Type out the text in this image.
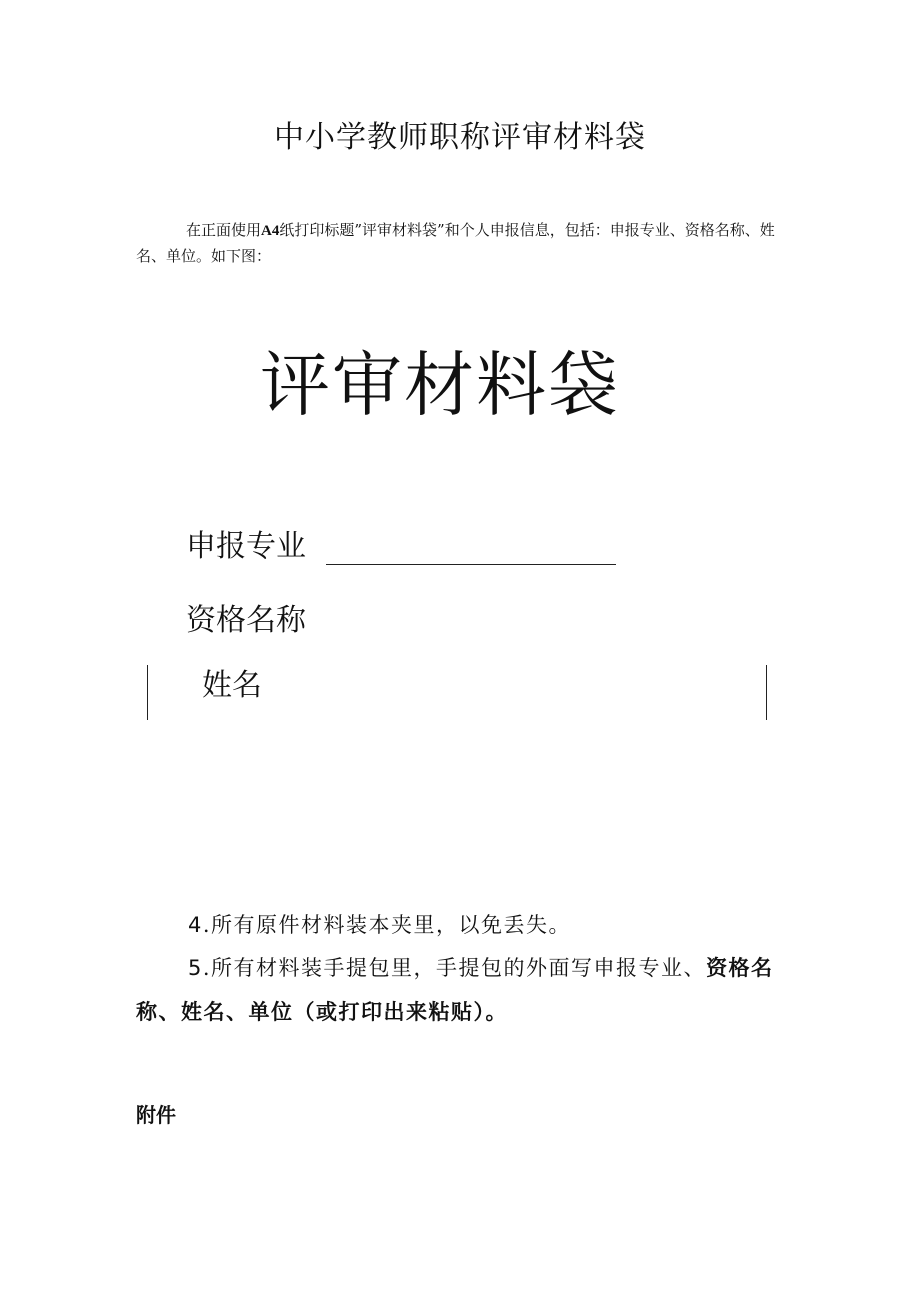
中小学教师职称评审材料袋

在正面使用A4纸打印标题”评审材料袋”和个人申报信息，包括：申报专业、资格名称、姓名、单位。如下图：

评审材料袋
申报专业
资格名称
姓名

4.所有原件材料装本夹里，以免丢失。

5.所有材料装手提包里，手提包的外面写申报专业、资格名称、姓名、单位（或打印出来粘贴）。

附件
